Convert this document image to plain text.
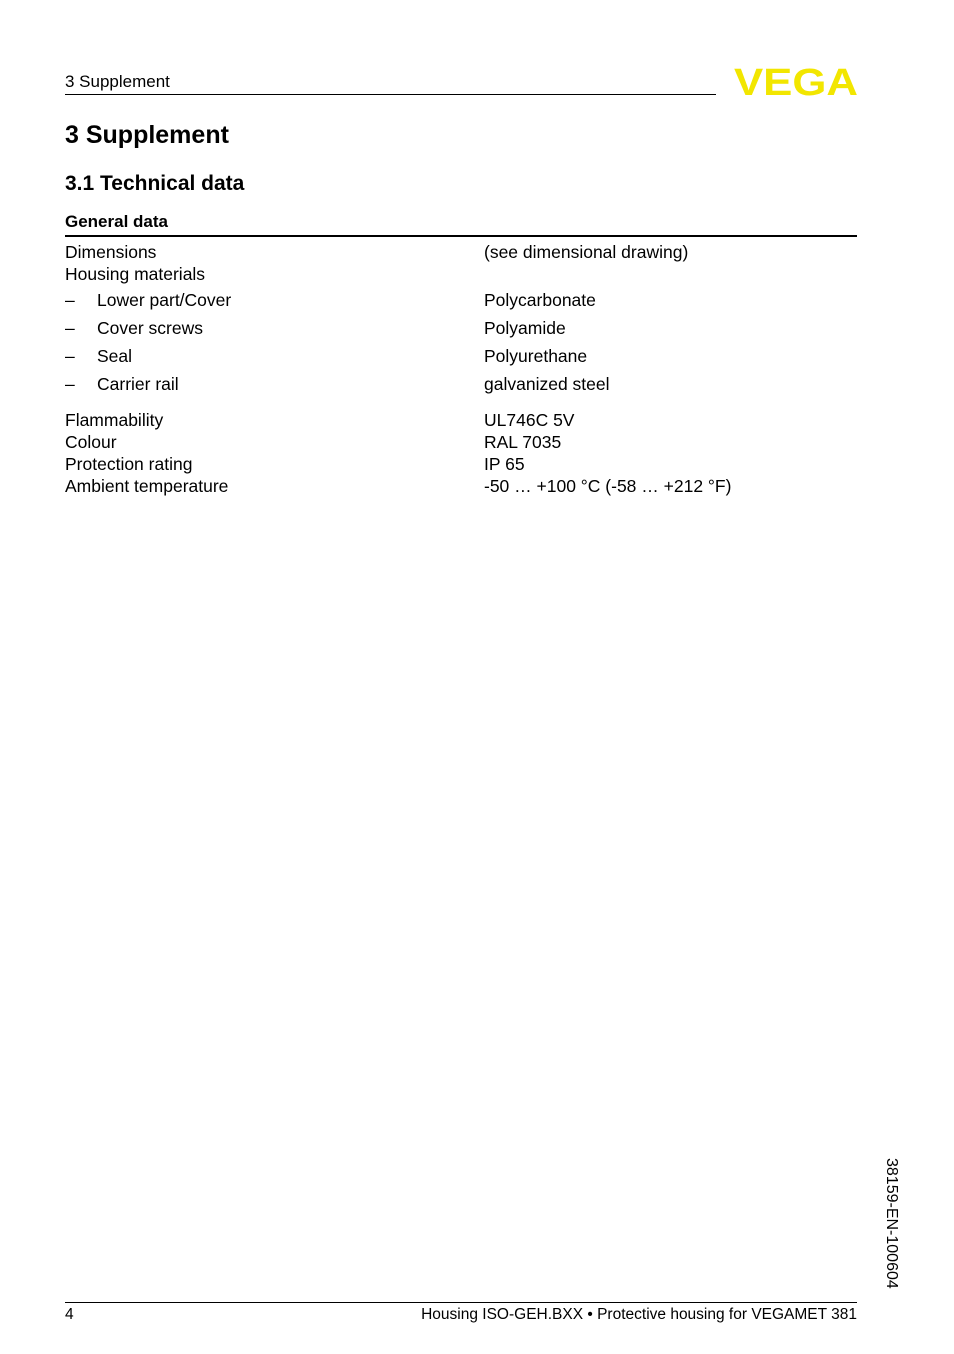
3 Supplement	VEGA
3 Supplement
3.1 Technical data
General data
Dimensions	(see dimensional drawing)
Housing materials
– Lower part/Cover	Polycarbonate
– Cover screws	Polyamide
– Seal	Polyurethane
– Carrier rail	galvanized steel
Flammability	UL746C 5V
Colour	RAL 7035
Protection rating	IP 65
Ambient temperature	-50 … +100 °C (-58 … +212 °F)
38159-EN-100604
4	Housing ISO-GEH.BXX • Protective housing for VEGAMET 381
